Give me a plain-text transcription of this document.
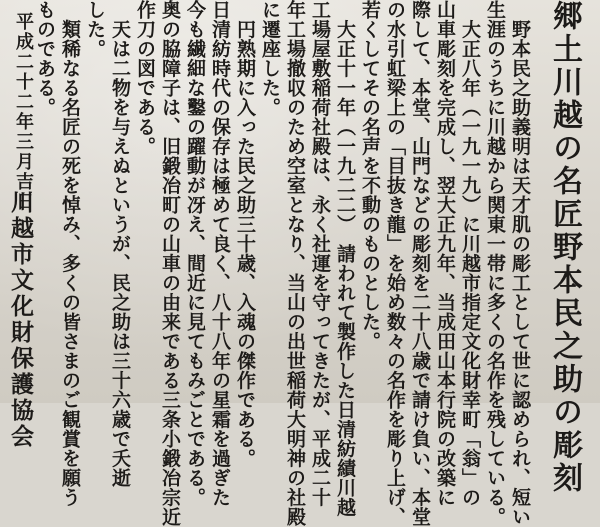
郷土川越の名匠野本民之助の彫刻
　野本民之助義明は天才肌の彫工として世に認められ、短い
生涯のうちに川越から関東一帯に多くの名作を残している。
　大正八年（一九一九）に川越市指定文化財幸町「翁」の
山車彫刻を完成し、翌大正九年、当成田山本行院の改築に
際して、本堂、山門などの彫刻を二十八歳で請け負い、本堂
の水引虹梁上の「目抜き龍」を始め数々の名作を彫り上げ、
若くしてその名声を不動のものとした。
　大正十一年（一九二二）　請われて製作した日清紡績川越
工場屋敷稲荷社殿は、永く社運を守ってきたが、平成二十
年工場撤収のため空室となり、当山の出世稲荷大明神の社殿
に遷座した。
　円熟期に入った民之助三十歳、入魂の傑作である。
日清紡時代の保存は極めて良く、八十八年の星霜を過ぎた
今も繊細な鑿の躍動が冴え、間近に見てもみごとである。
奥の脇障子は、旧鍛冶町の山車の由来である三条小鍛冶宗近
作刀の図である。
　天は二物を与えぬというが、民之助は三十六歳で夭逝
した。
　類稀なる名匠の死を悼み、多くの皆さまのご観賞を願う
ものである。
平成二十二年三月吉日
川越市文化財保護協会
